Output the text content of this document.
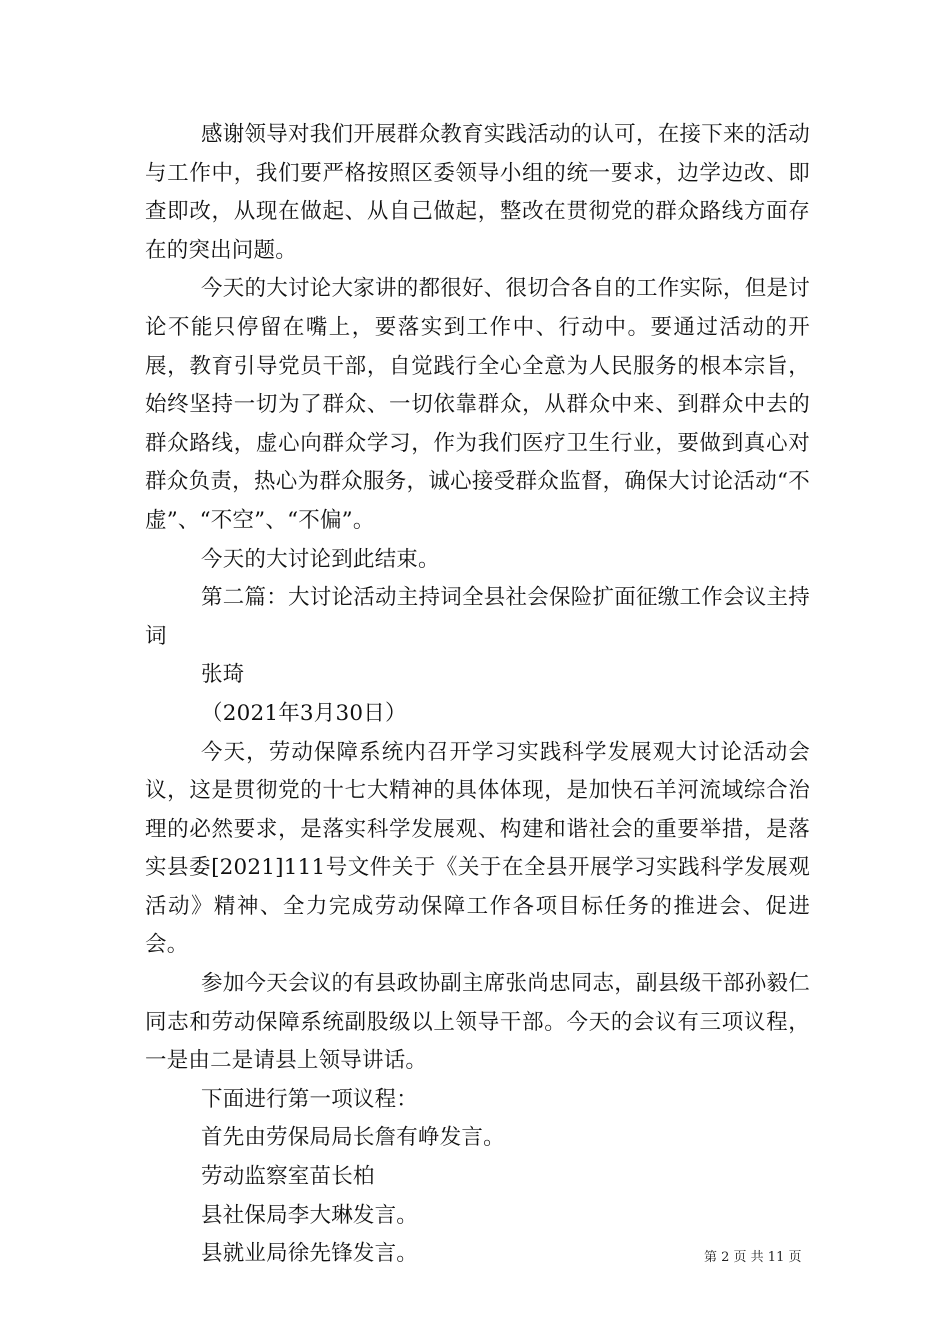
感谢领导对我们开展群众教育实践活动的认可，在接下来的活动与工作中，我们要严格按照区委领导小组的统一要求，边学边改、即查即改，从现在做起、从自己做起，整改在贯彻党的群众路线方面存在的突出问题。

今天的大讨论大家讲的都很好、很切合各自的工作实际，但是讨论不能只停留在嘴上，要落实到工作中、行动中。要通过活动的开展，教育引导党员干部，自觉践行全心全意为人民服务的根本宗旨，始终坚持一切为了群众、一切依靠群众，从群众中来、到群众中去的群众路线，虚心向群众学习，作为我们医疗卫生行业，要做到真心对群众负责，热心为群众服务，诚心接受群众监督，确保大讨论活动“不虚”、“不空”、“不偏”。

今天的大讨论到此结束。

第二篇：大讨论活动主持词全县社会保险扩面征缴工作会议主持词

张琦

（2021年3月30日）

今天，劳动保障系统内召开学习实践科学发展观大讨论活动会议，这是贯彻党的十七大精神的具体体现，是加快石羊河流域综合治理的必然要求，是落实科学发展观、构建和谐社会的重要举措，是落实县委[2021]111号文件关于《关于在全县开展学习实践科学发展观活动》精神、全力完成劳动保障工作各项目标任务的推进会、促进会。

参加今天会议的有县政协副主席张尚忠同志，副县级干部孙毅仁同志和劳动保障系统副股级以上领导干部。今天的会议有三项议程，一是由二是请县上领导讲话。

下面进行第一项议程：

首先由劳保局局长詹有峥发言。

劳动监察室苗长柏

县社保局李大琳发言。

县就业局徐先锋发言。	第 2 页 共 11 页
